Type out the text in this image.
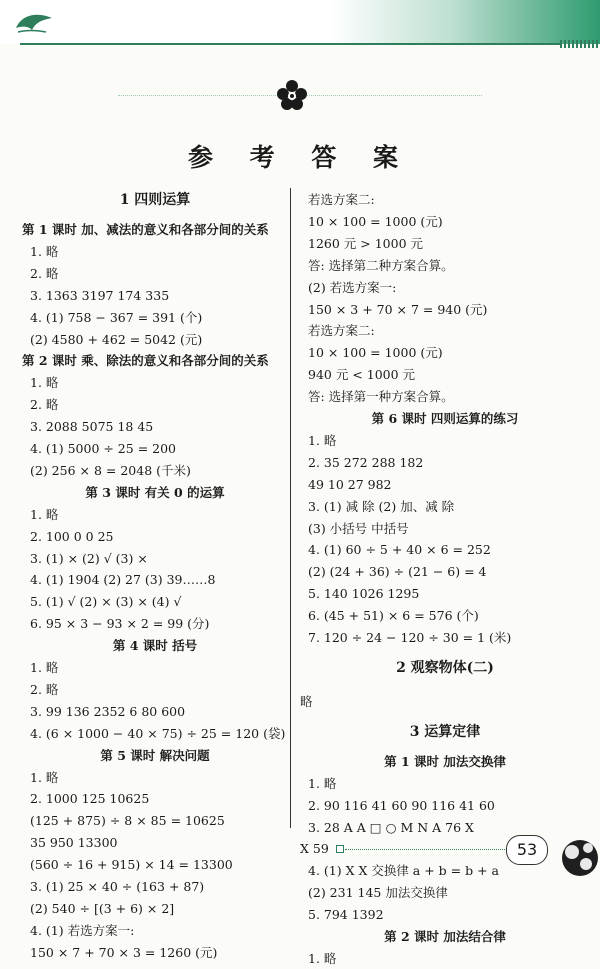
参 考 答 案
1 四则运算
第 1 课时 加、减法的意义和各部分间的关系
1. 略
2. 略
3. 1363 3197 174 335
4. (1) 758 − 367 = 391 (个)
(2) 4580 + 462 = 5042 (元)
第 2 课时 乘、除法的意义和各部分间的关系
1. 略
2. 略
3. 2088 5075 18 45
4. (1) 5000 ÷ 25 = 200
(2) 256 × 8 = 2048 (千米)
第 3 课时 有关 0 的运算
1. 略
2. 100 0 0 25
3. (1) × (2) √ (3) ×
4. (1) 1904 (2) 27 (3) 39……8
5. (1) √ (2) × (3) × (4) √
6. 95 × 3 − 93 × 2 = 99 (分)
第 4 课时 括号
1. 略
2. 略
3. 99 136 2352 6 80 600
4. (6 × 1000 − 40 × 75) ÷ 25 = 120 (袋)
第 5 课时 解决问题
1. 略
2. 1000 125 10625
(125 + 875) ÷ 8 × 85 = 10625
35 950 13300
(560 ÷ 16 + 915) × 14 = 13300
3. (1) 25 × 40 ÷ (163 + 87)
(2) 540 ÷ [(3 + 6) × 2]
4. (1) 若选方案一:
150 × 7 + 70 × 3 = 1260 (元)
若选方案二:
10 × 100 = 1000 (元)
1260 元 > 1000 元
答: 选择第二种方案合算。
(2) 若选方案一:
150 × 3 + 70 × 7 = 940 (元)
若选方案二:
10 × 100 = 1000 (元)
940 元 < 1000 元
答: 选择第一种方案合算。
第 6 课时 四则运算的练习
1. 略
2. 35 272 288 182
49 10 27 982
3. (1) 减 除 (2) 加、减 除
(3) 小括号 中括号
4. (1) 60 ÷ 5 + 40 × 6 = 252
(2) (24 + 36) ÷ (21 − 6) = 4
5. 140 1026 1295
6. (45 + 51) × 6 = 576 (个)
7. 120 ÷ 24 − 120 ÷ 30 = 1 (米)
2 观察物体(二)
略
3 运算定律
第 1 课时 加法交换律
1. 略
2. 90 116 41 60 90 116 41 60
3. 28 A A □ ○ M N A 76 X
X 59
4. (1) X X 交换律 a + b = b + a
(2) 231 145 加法交换律
5. 794 1392
第 2 课时 加法结合律
1. 略
53
